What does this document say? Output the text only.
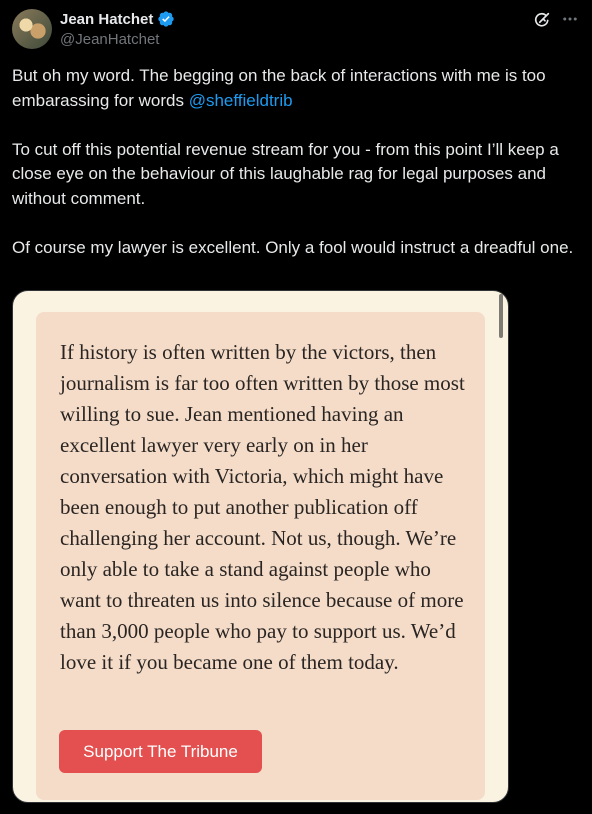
Jean Hatchet
@JeanHatchet

But oh my word. The begging on the back of interactions with me is too embarassing for words @sheffieldtrib

To cut off this potential revenue stream for you - from this point I’ll keep a close eye on the behaviour of this laughable rag for legal purposes and without comment.

Of course my lawyer is excellent. Only a fool would instruct a dreadful one.

If history is often written by the victors, then journalism is far too often written by those most willing to sue. Jean mentioned having an excellent lawyer very early on in her conversation with Victoria, which might have been enough to put another publication off challenging her account. Not us, though. We’re only able to take a stand against people who want to threaten us into silence because of more than 3,000 people who pay to support us. We’d love it if you became one of them today.
Support The Tribune
